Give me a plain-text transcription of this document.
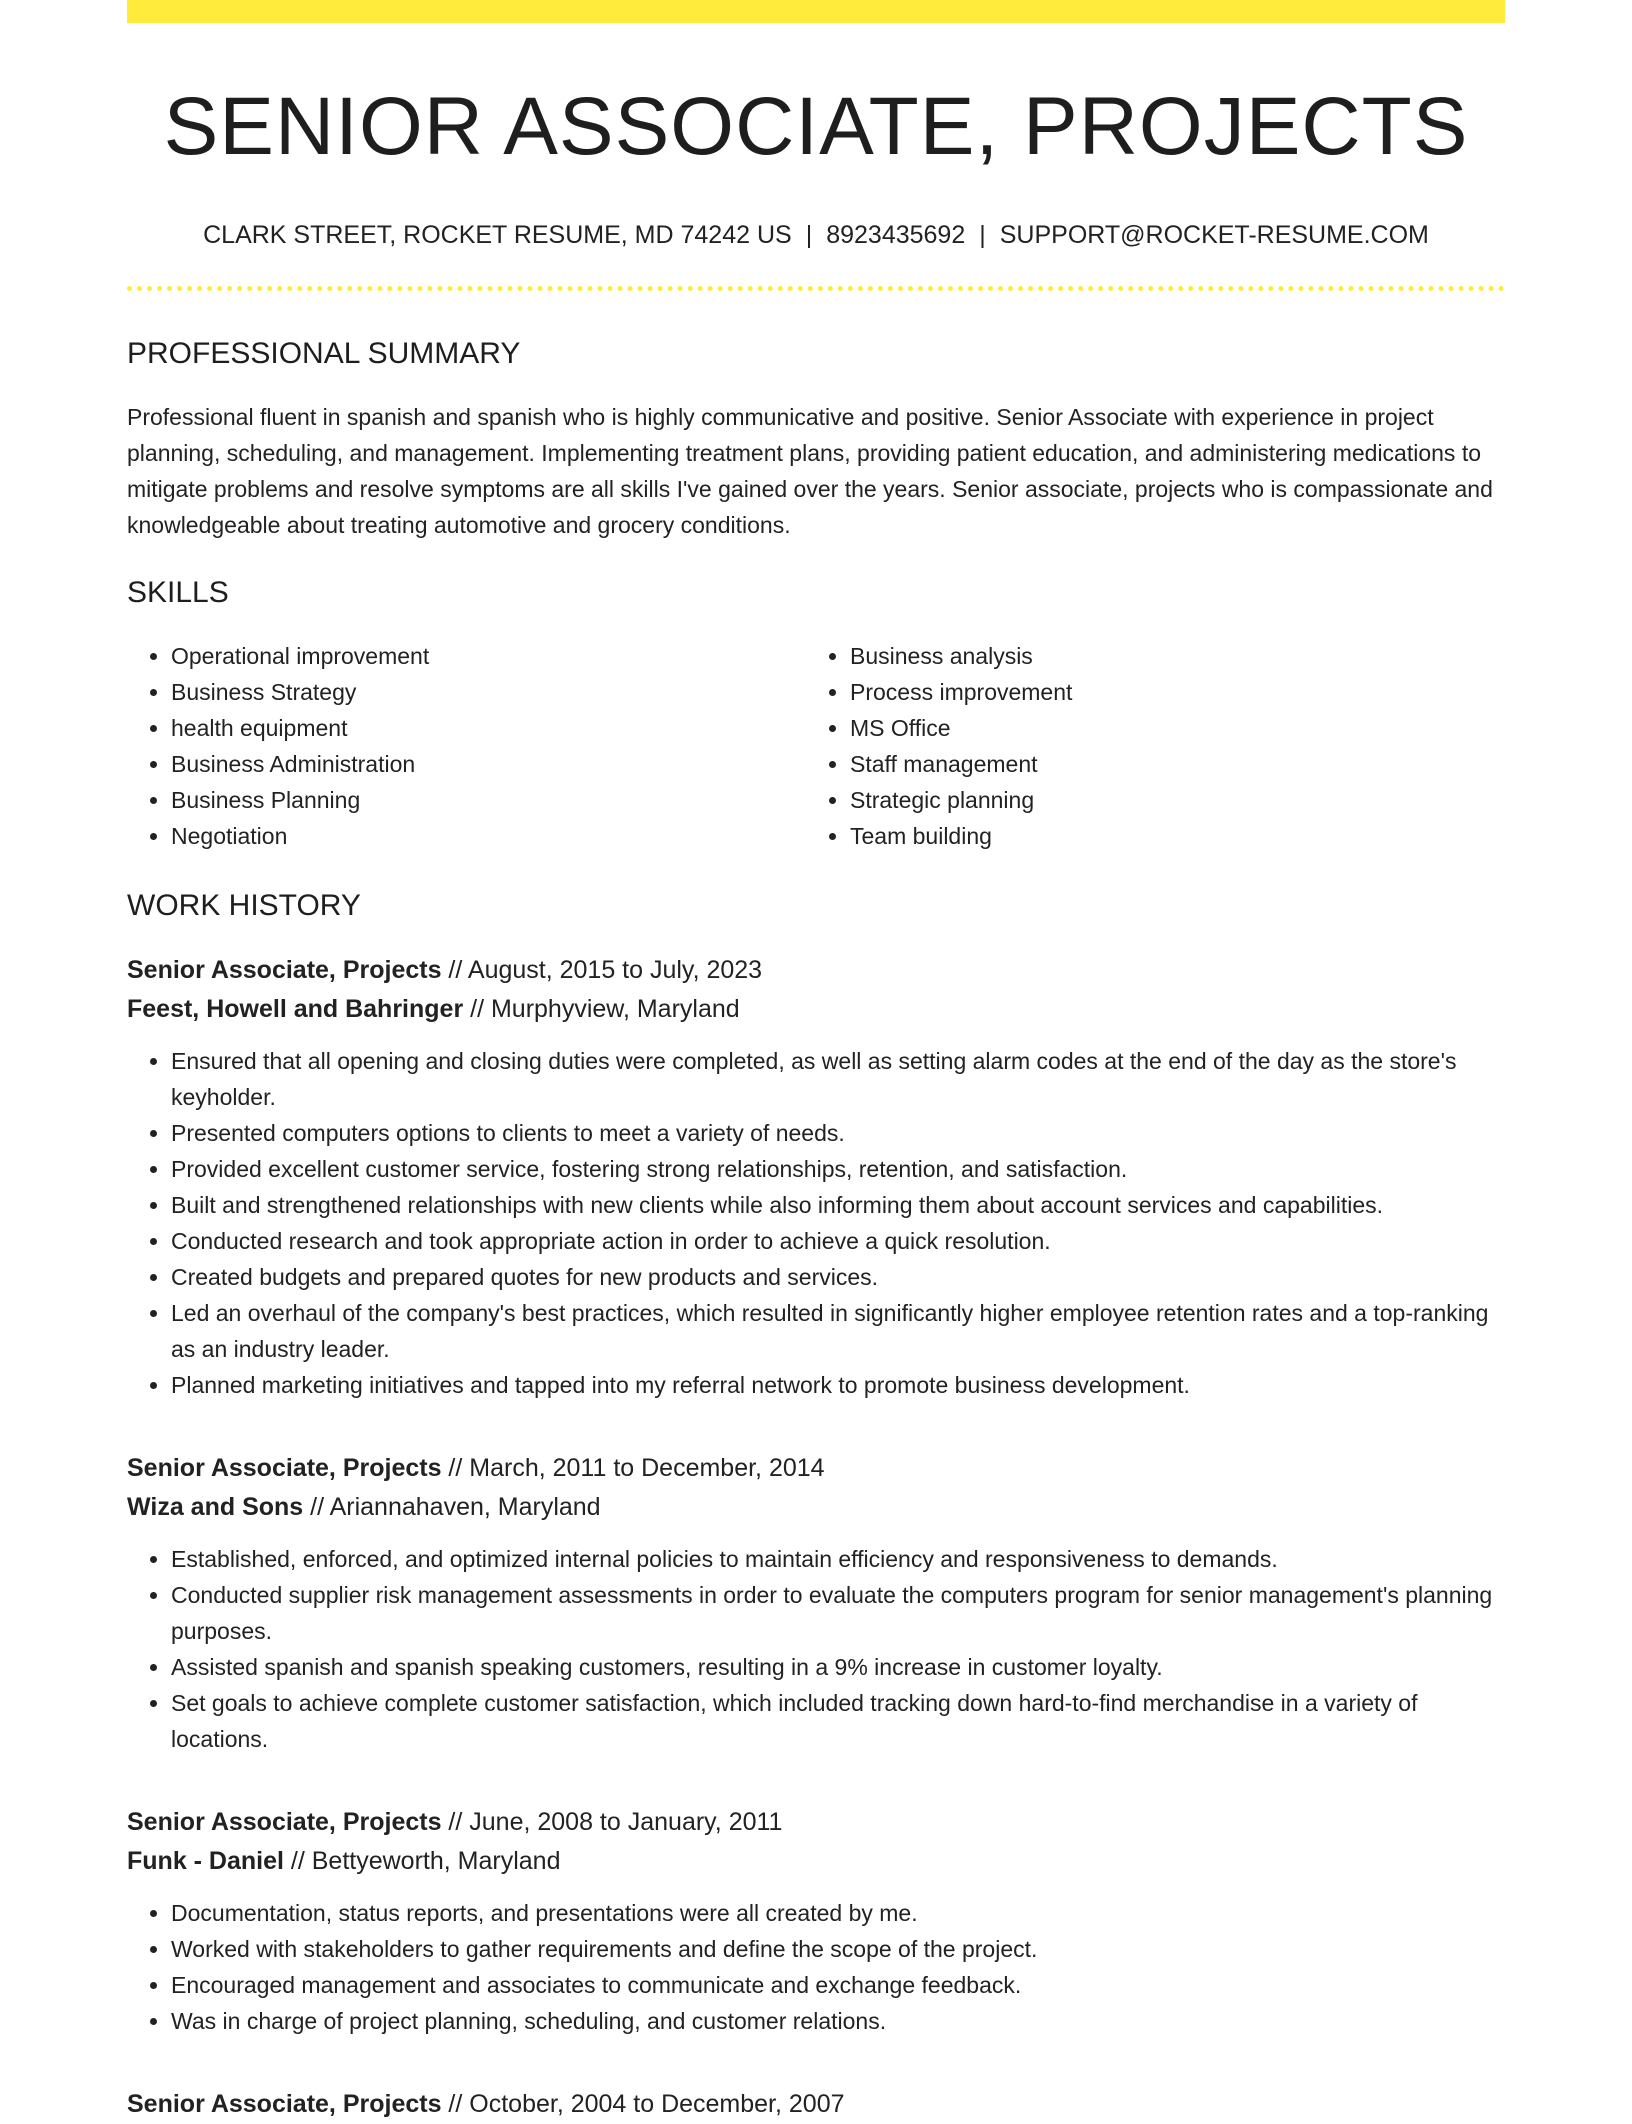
SENIOR ASSOCIATE, PROJECTS
CLARK STREET, ROCKET RESUME, MD 74242 US | 8923435692 | SUPPORT@ROCKET-RESUME.COM
PROFESSIONAL SUMMARY
Professional fluent in spanish and spanish who is highly communicative and positive. Senior Associate with experience in project planning, scheduling, and management. Implementing treatment plans, providing patient education, and administering medications to mitigate problems and resolve symptoms are all skills I've gained over the years. Senior associate, projects who is compassionate and knowledgeable about treating automotive and grocery conditions.
SKILLS
• Operational improvement
• Business Strategy
• health equipment
• Business Administration
• Business Planning
• Negotiation
• Business analysis
• Process improvement
• MS Office
• Staff management
• Strategic planning
• Team building
WORK HISTORY
Senior Associate, Projects // August, 2015 to July, 2023
Feest, Howell and Bahringer // Murphyview, Maryland
• Ensured that all opening and closing duties were completed, as well as setting alarm codes at the end of the day as the store's keyholder.
• Presented computers options to clients to meet a variety of needs.
• Provided excellent customer service, fostering strong relationships, retention, and satisfaction.
• Built and strengthened relationships with new clients while also informing them about account services and capabilities.
• Conducted research and took appropriate action in order to achieve a quick resolution.
• Created budgets and prepared quotes for new products and services.
• Led an overhaul of the company's best practices, which resulted in significantly higher employee retention rates and a top-ranking as an industry leader.
• Planned marketing initiatives and tapped into my referral network to promote business development.
Senior Associate, Projects // March, 2011 to December, 2014
Wiza and Sons // Ariannahaven, Maryland
• Established, enforced, and optimized internal policies to maintain efficiency and responsiveness to demands.
• Conducted supplier risk management assessments in order to evaluate the computers program for senior management's planning purposes.
• Assisted spanish and spanish speaking customers, resulting in a 9% increase in customer loyalty.
• Set goals to achieve complete customer satisfaction, which included tracking down hard-to-find merchandise in a variety of locations.
Senior Associate, Projects // June, 2008 to January, 2011
Funk - Daniel // Bettyeworth, Maryland
• Documentation, status reports, and presentations were all created by me.
• Worked with stakeholders to gather requirements and define the scope of the project.
• Encouraged management and associates to communicate and exchange feedback.
• Was in charge of project planning, scheduling, and customer relations.
Senior Associate, Projects // October, 2004 to December, 2007
